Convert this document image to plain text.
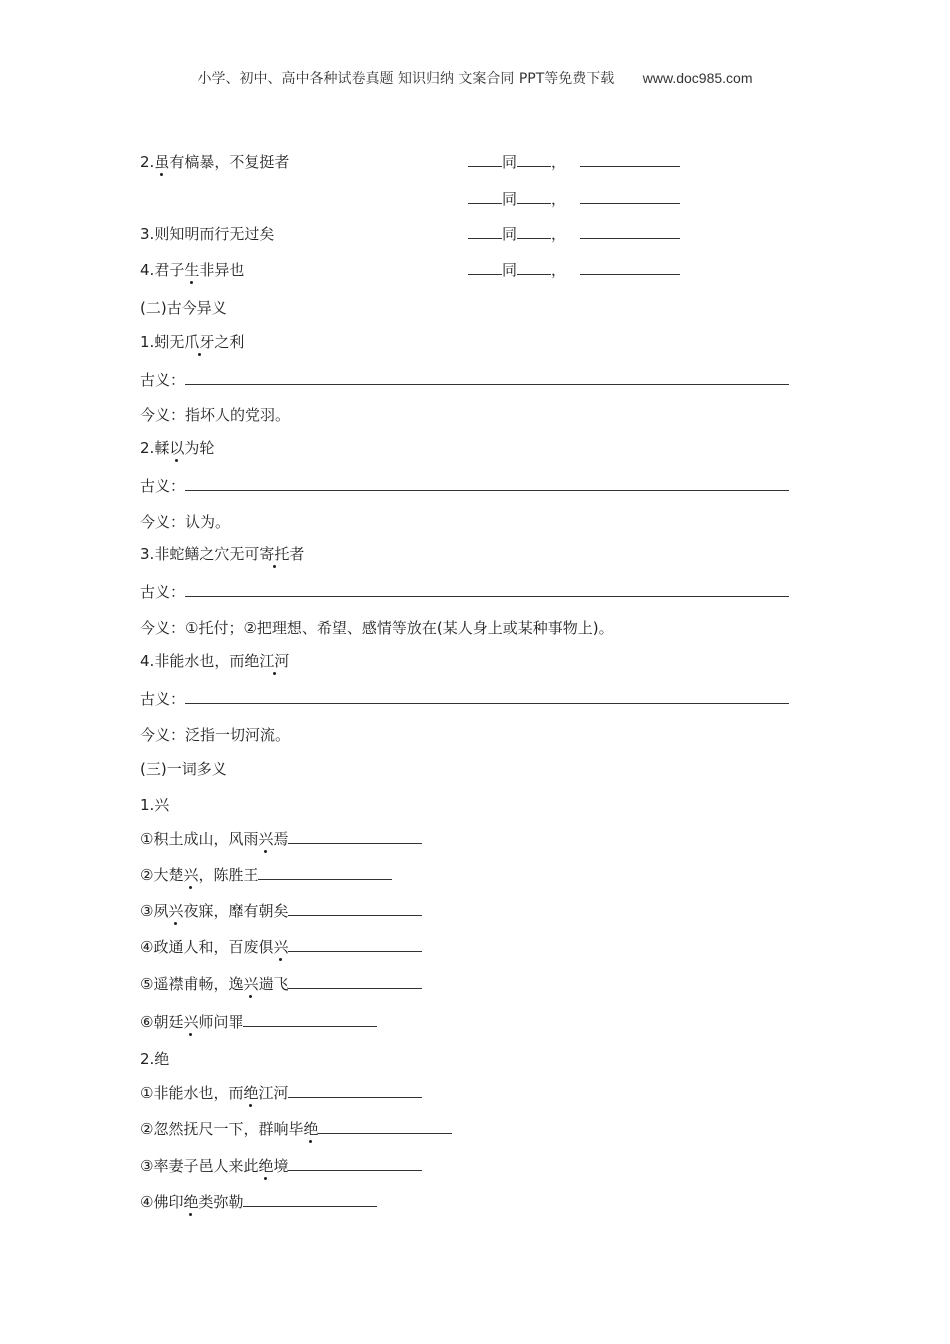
小学、初中、高中各种试卷真题 知识归纳 文案合同 PPT等免费下载 www.doc985.com
2.虽有槁暴，不复挺者	同 ，
同 ，
3.则知明而行无过矣	同 ，
4.君子生非异也	同 ，
(二)古今异义
1.蚓无爪牙之利
古义：
今义：指坏人的党羽。
2.輮以为轮
古义：
今义：认为。
3.非蛇鳝之穴无可寄托者
古义：
今义：①托付；②把理想、希望、感情等放在(某人身上或某种事物上)。
4.非能水也，而绝江河
古义：
今义：泛指一切河流。
(三)一词多义
1.兴
①积土成山，风雨兴焉
②大楚兴，陈胜王
③夙兴夜寐，靡有朝矣
④政通人和，百废俱兴
⑤遥襟甫畅，逸兴遄飞
⑥朝廷兴师问罪
2.绝
①非能水也，而绝江河
②忽然抚尺一下，群响毕绝
③率妻子邑人来此绝境
④佛印绝类弥勒
